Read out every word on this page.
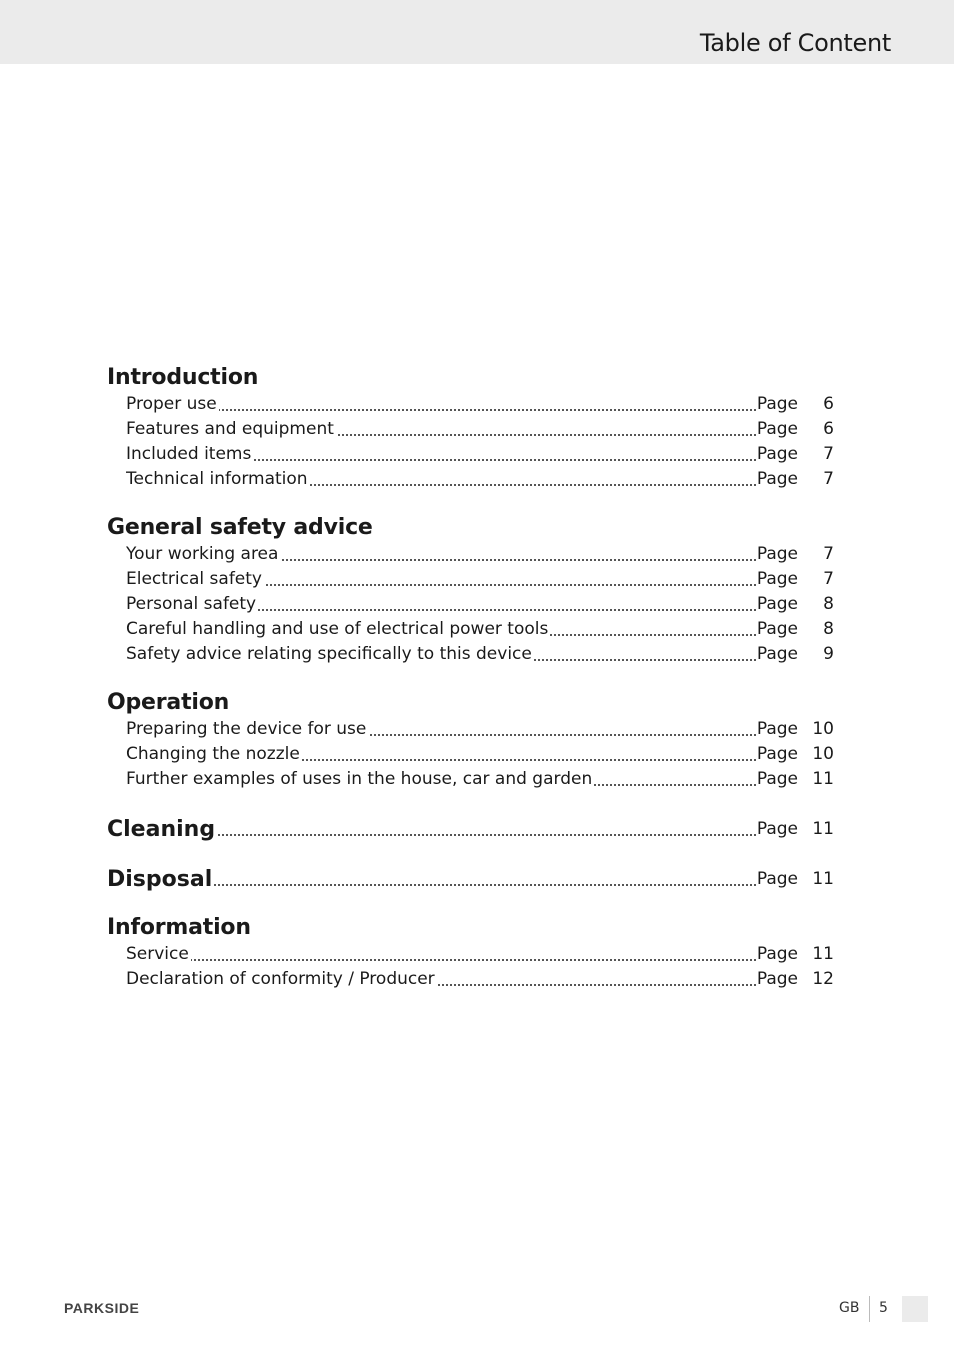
Table of Content
Introduction
Proper use	Page	6
Features and equipment	Page	6
Included items	Page	7
Technical information	Page	7
General safety advice
Your working area	Page	7
Electrical safety	Page	7
Personal safety	Page	8
Careful handling and use of electrical power tools	Page	8
Safety advice relating specifically to this device	Page	9
Operation
Preparing the device for use	Page 10
Changing the nozzle	Page 10
Further examples of uses in the house, car and garden	Page 11
Cleaning	Page 11
Disposal	Page 11
Information
Service	Page 11
Declaration of conformity / Producer	Page 12
PARKSIDE	GB 5
